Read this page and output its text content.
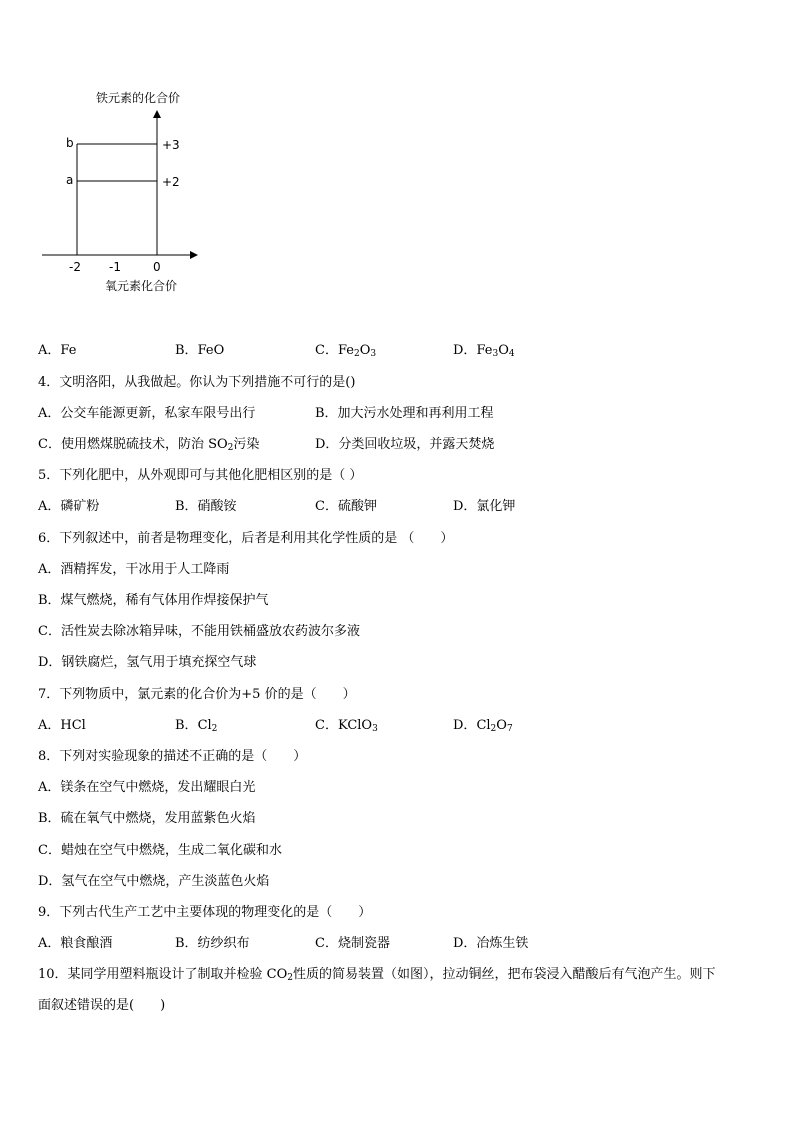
铁元素的化合价
b
a
+3
+2
-2 -1	0
氧元素化合价
A．Fe	B．FeO	C．$Fe_2O_3$	D．$Fe_3O_4$
4．文明洛阳，从我做起。你认为下列措施不可行的是()
A．公交车能源更新，私家车限号出行	B．加大污水处理和再利用工程
C．使用燃煤脱硫技术，防治 $SO_2$污染	D．分类回收垃圾，并露天焚烧
5．下列化肥中，从外观即可与其他化肥相区别的是（ ）
A．磷矿粉	B．硝酸铵	C．硫酸钾	D．氯化钾
6．下列叙述中，前者是物理变化，后者是利用其化学性质的是 （　　）
A．酒精挥发，干冰用于人工降雨
B．煤气燃烧，稀有气体用作焊接保护气
C．活性炭去除冰箱异味，不能用铁桶盛放农药波尔多液
D．钢铁腐烂，氢气用于填充探空气球
7．下列物质中，氯元素的化合价为+5 价的是（　　）
A．HCl	B．$Cl_2$	C．KClO$_3$	D．$Cl_2O_7$
8．下列对实验现象的描述不正确的是（　　）
A．镁条在空气中燃烧，发出耀眼白光
B．硫在氧气中燃烧，发用蓝紫色火焰
C．蜡烛在空气中燃烧，生成二氧化碳和水
D．氢气在空气中燃烧，产生淡蓝色火焰
9．下列古代生产工艺中主要体现的物理变化的是（　　）
A．粮食酿酒	B．纺纱织布	C．烧制瓷器	D．冶炼生铁
10．某同学用塑料瓶设计了制取并检验 $CO_2$性质的简易装置（如图），拉动铜丝，把布袋浸入醋酸后有气泡产生。则下
面叙述错误的是(　　)
